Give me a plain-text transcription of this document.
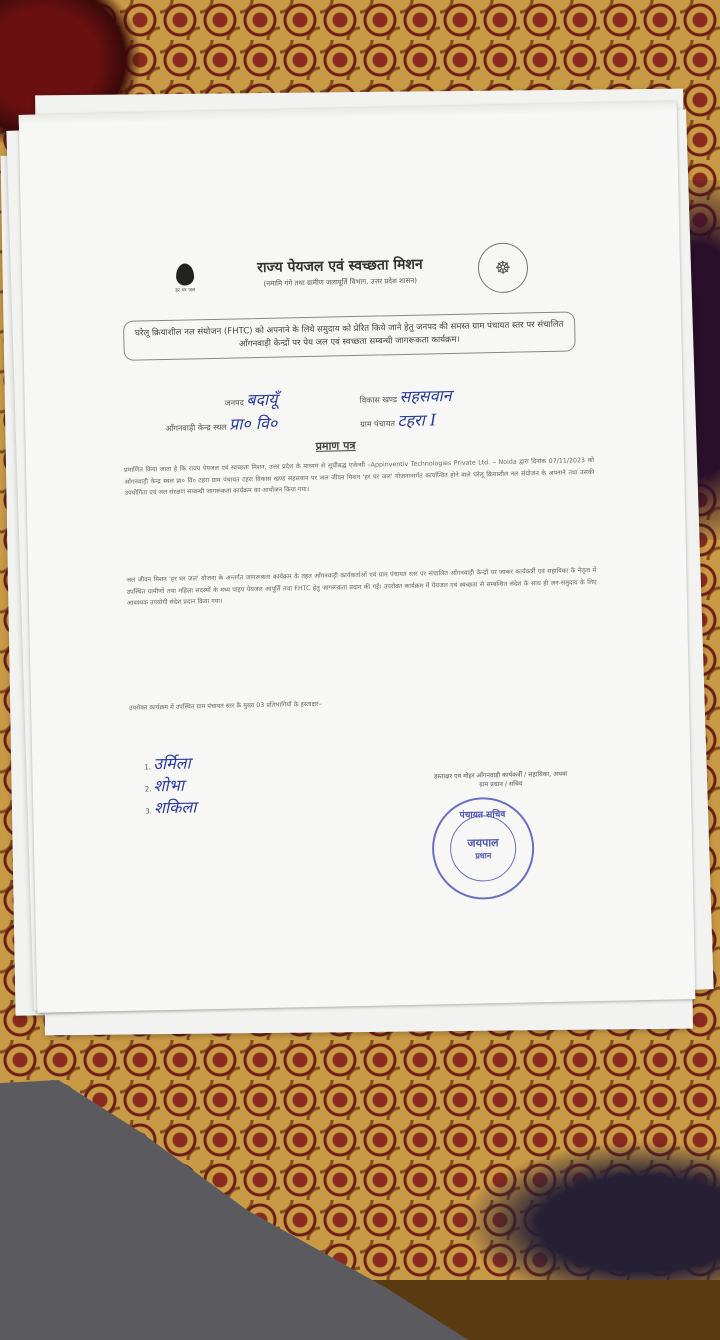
हर घर जल
राज्य पेयजल एवं स्वच्छता मिशन
(नमामि गंगे तथा ग्रामीण जलापूर्ति विभाग, उत्तर प्रदेश शासन)
☸
घरेलू क्रियाशील नल संयोजन (FHTC) को अपनाने के लिये समुदाय को प्रेरित किये जाने हेतु जनपद की समस्त ग्राम पंचायत स्तर पर संचालित आँगनवाड़ी केन्द्रों पर पेय जल एवं स्वच्छता सम्बन्धी जागरूकता कार्यक्रम।
जनपद बदायूँ	विकास खण्ड सहसवान
आँगनवाड़ी केन्द्र स्थल प्रा० वि०	ग्राम पंचायत टहरा I
प्रमाण पत्र
प्रमाणित किया जाता है कि राज्य पेयजल एवं स्वच्छता मिशन, उत्तर प्रदेश के माध्यम से सूचीबद्ध एजेन्सी –Appinventiv Technologies Private Ltd. – Noida द्वारा दिनांक 07/11/2023 को आँगनवाड़ी केन्द्र स्थल प्रा० वि० टहरा ग्राम पंचायत टहरा विकास खण्ड सहसवान पर जल जीवन मिशन 'हर घर जल' योजनान्तर्गत कार्यान्वित होने वाले घरेलू क्रियाशील नल संयोजन के अपनाने तथा उसकी उपयोगिता एवं जल संरक्षण सम्बन्धी जागरूकता कार्यक्रम का आयोजन किया गया।
जल जीवन मिशन 'हर घर जल' योजना के अन्तर्गत जागरूकता कार्यक्रम के तहत आँगनवाड़ी कार्यकर्ताओं एवं ग्राम पंचायत स्तर पर संचालित आँगनवाड़ी केन्द्रों पर जाकर कार्यकर्त्री एवं सहायिका के नेतृत्व में उपस्थित ग्रामीणों तथा महिला सदस्यों के मध्य पाइप पेयजल आपूर्ति तथा FHTC हेतु जागरूकता प्रदान की गई। उपरोक्त कार्यक्रम में पेयजल एवं स्वच्छता से सम्बन्धित संदेश के साथ ही जन-समुदाय के लिए आवश्यक उपयोगी संदेश प्रदान किया गया।
उपरोक्त कार्यक्रम में उपस्थित ग्राम पंचायत स्तर के मुख्य 03 प्रतिभागियों के हस्ताक्षर–
1. उर्मिला
2. शोभा
3. शकिला
हस्ताक्षर एवं मोहर आँगनवाड़ी कार्यकर्त्री / सहायिका, अथवा ग्राम प्रधान / सचिव
पंचायत सचिव
जयपाल
प्रधान
